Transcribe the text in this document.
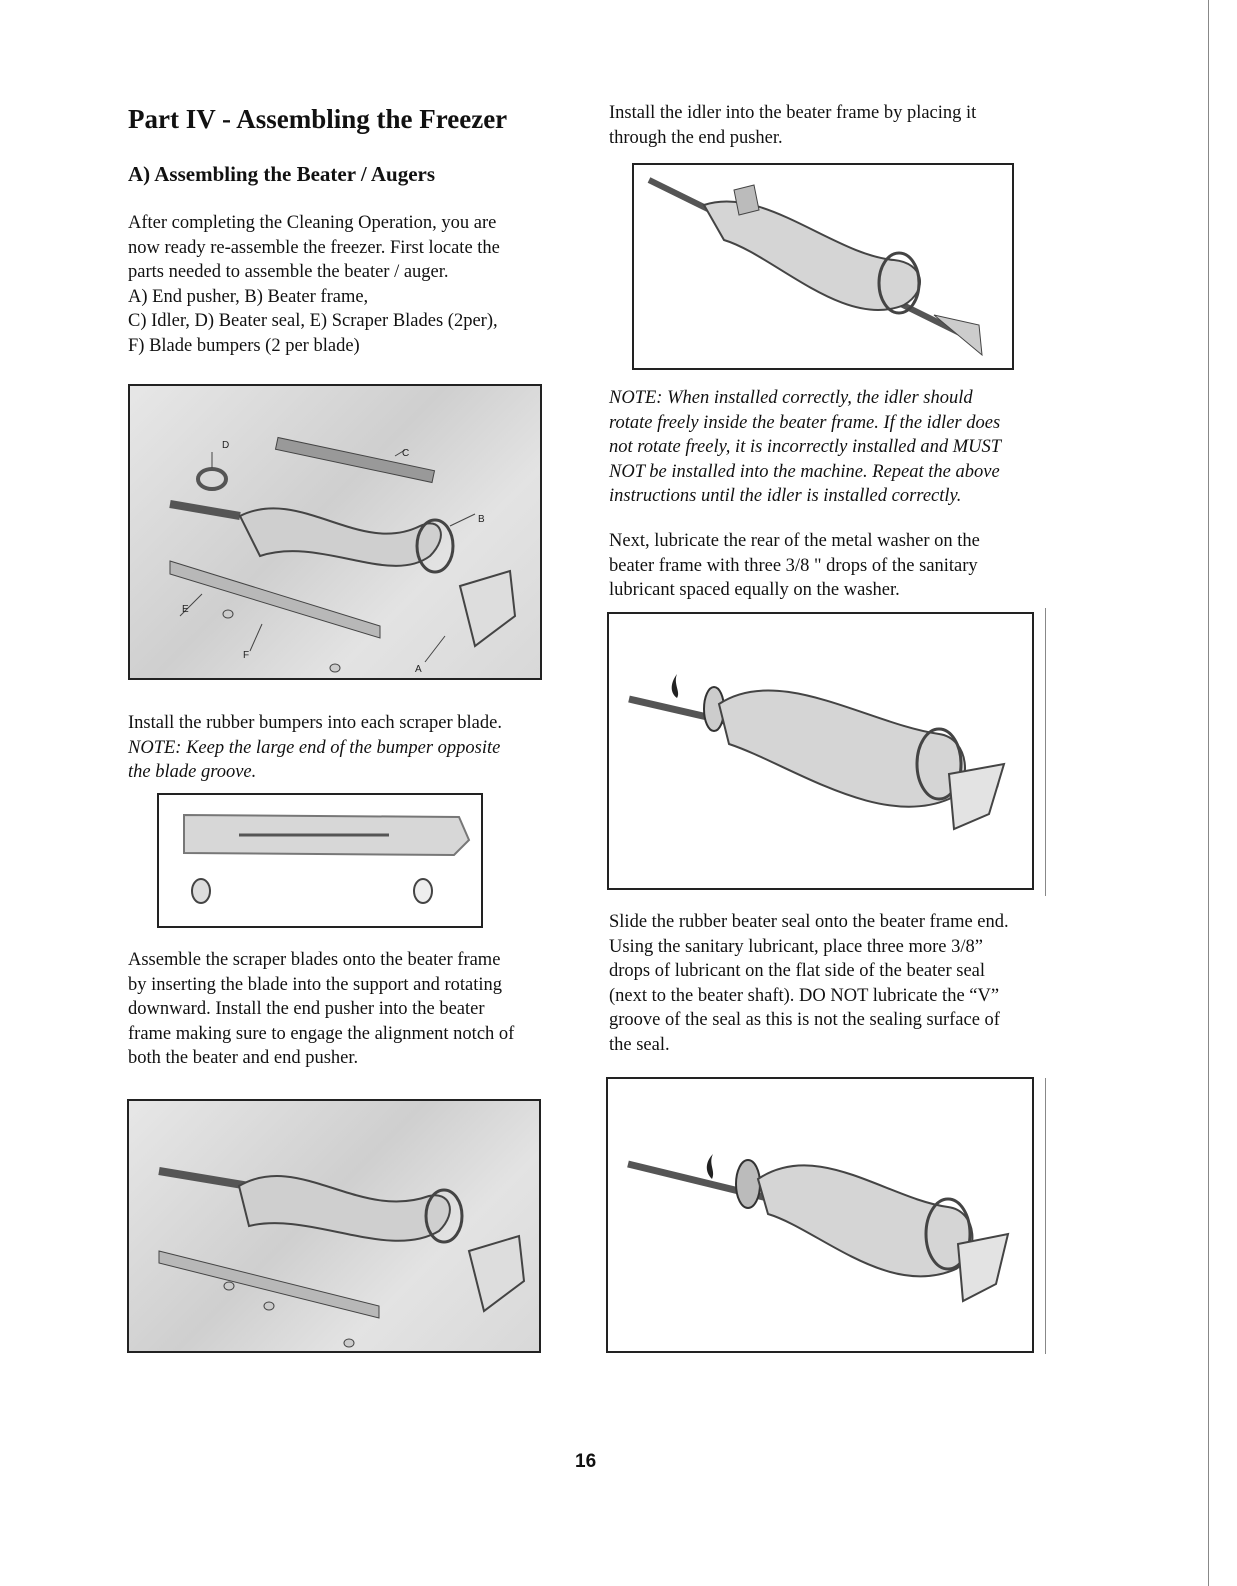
Part IV - Assembling the Freezer
A) Assembling the Beater / Augers

After completing the Cleaning Operation, you are

now ready re-assemble the freezer. First locate the

parts needed to assemble the beater / auger.

A) End pusher, B) Beater frame,

C) Idler, D) Beater seal, E) Scraper Blades (2per),

F) Blade bumpers (2 per blade)

D
C
B
E
F
A

Install the rubber bumpers into each scraper blade.

NOTE: Keep the large end of the bumper opposite

the blade groove.

Assemble the scraper blades onto the beater frame

by inserting the blade into the support and rotating

downward. Install the end pusher into the beater

frame making sure to engage the alignment notch of

both the beater and end pusher.

Install the idler into the beater frame by placing it

through the end pusher.

NOTE: When installed correctly, the idler should

rotate freely inside the beater frame. If the idler does

not rotate freely, it is incorrectly installed and MUST

NOT be installed into the machine. Repeat the above

instructions until the idler is installed correctly.

Next, lubricate the rear of the metal washer on the

beater frame with three 3/8 " drops of the sanitary

lubricant spaced equally on the washer.

Slide the rubber beater seal onto the beater frame end.

Using the sanitary lubricant, place three more 3/8”

drops of lubricant on the flat side of the beater seal

(next to the beater shaft). DO NOT lubricate the “V”

groove of the seal as this is not the sealing surface of

the seal.

16
